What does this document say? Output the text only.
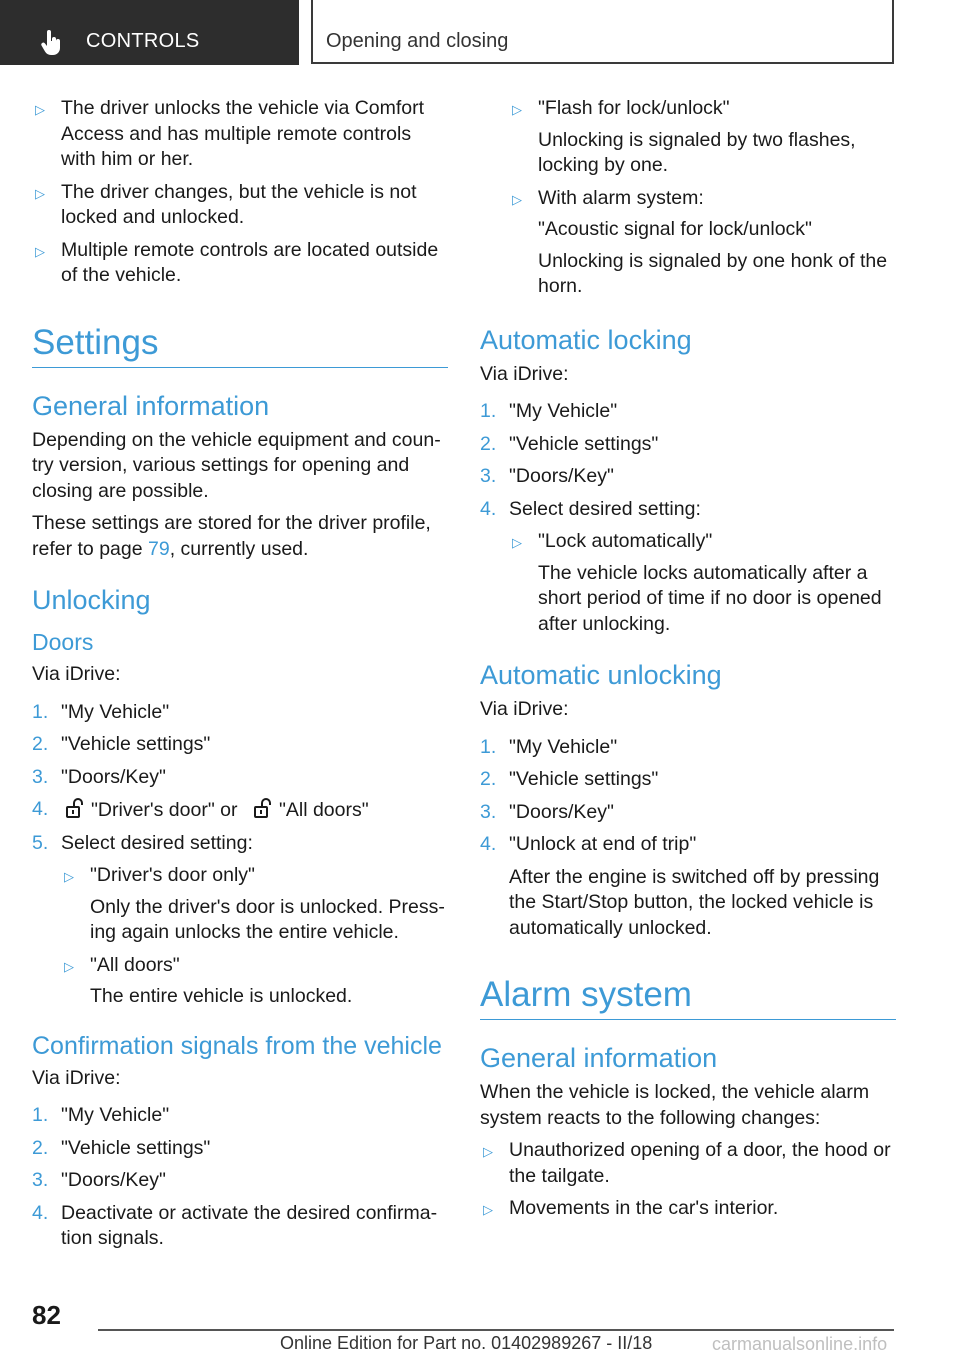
CONTROLS	Opening and closing
▷ The driver unlocks the vehicle via Comfort Access and has multiple remote controls with him or her.
▷ The driver changes, but the vehicle is not locked and unlocked.
▷ Multiple remote controls are located outside of the vehicle.
Settings
General information

Depending on the vehicle equipment and country version, various settings for opening and closing are possible.

These settings are stored for the driver profile, refer to page 79, currently used.

Unlocking
Doors

Via iDrive:

1. "My Vehicle"
2. "Vehicle settings"
3. "Doors/Key"
4. "Driver's door" or "All doors"
5. Select desired setting:
▷ "Driver's door only"
Only the driver's door is unlocked. Pressing again unlocks the entire vehicle.
▷ "All doors"
The entire vehicle is unlocked.
Confirmation signals from the vehicle

Via iDrive:

1. "My Vehicle"
2. "Vehicle settings"
3. "Doors/Key"
4. Deactivate or activate the desired confirmation signals.
▷ "Flash for lock/unlock"
Unlocking is signaled by two flashes, locking by one.
▷ With alarm system:
"Acoustic signal for lock/unlock"
Unlocking is signaled by one honk of the horn.
Automatic locking

Via iDrive:

1. "My Vehicle"
2. "Vehicle settings"
3. "Doors/Key"
4. Select desired setting:
▷ "Lock automatically"
The vehicle locks automatically after a short period of time if no door is opened after unlocking.
Automatic unlocking

Via iDrive:

1. "My Vehicle"
2. "Vehicle settings"
3. "Doors/Key"
4. "Unlock at end of trip"
After the engine is switched off by pressing the Start/Stop button, the locked vehicle is automatically unlocked.
Alarm system
General information

When the vehicle is locked, the vehicle alarm system reacts to the following changes:

▷ Unauthorized opening of a door, the hood or the tailgate.
▷ Movements in the car's interior.
82
Online Edition for Part no. 01402989267 - II/18	carmanualsonline.info
